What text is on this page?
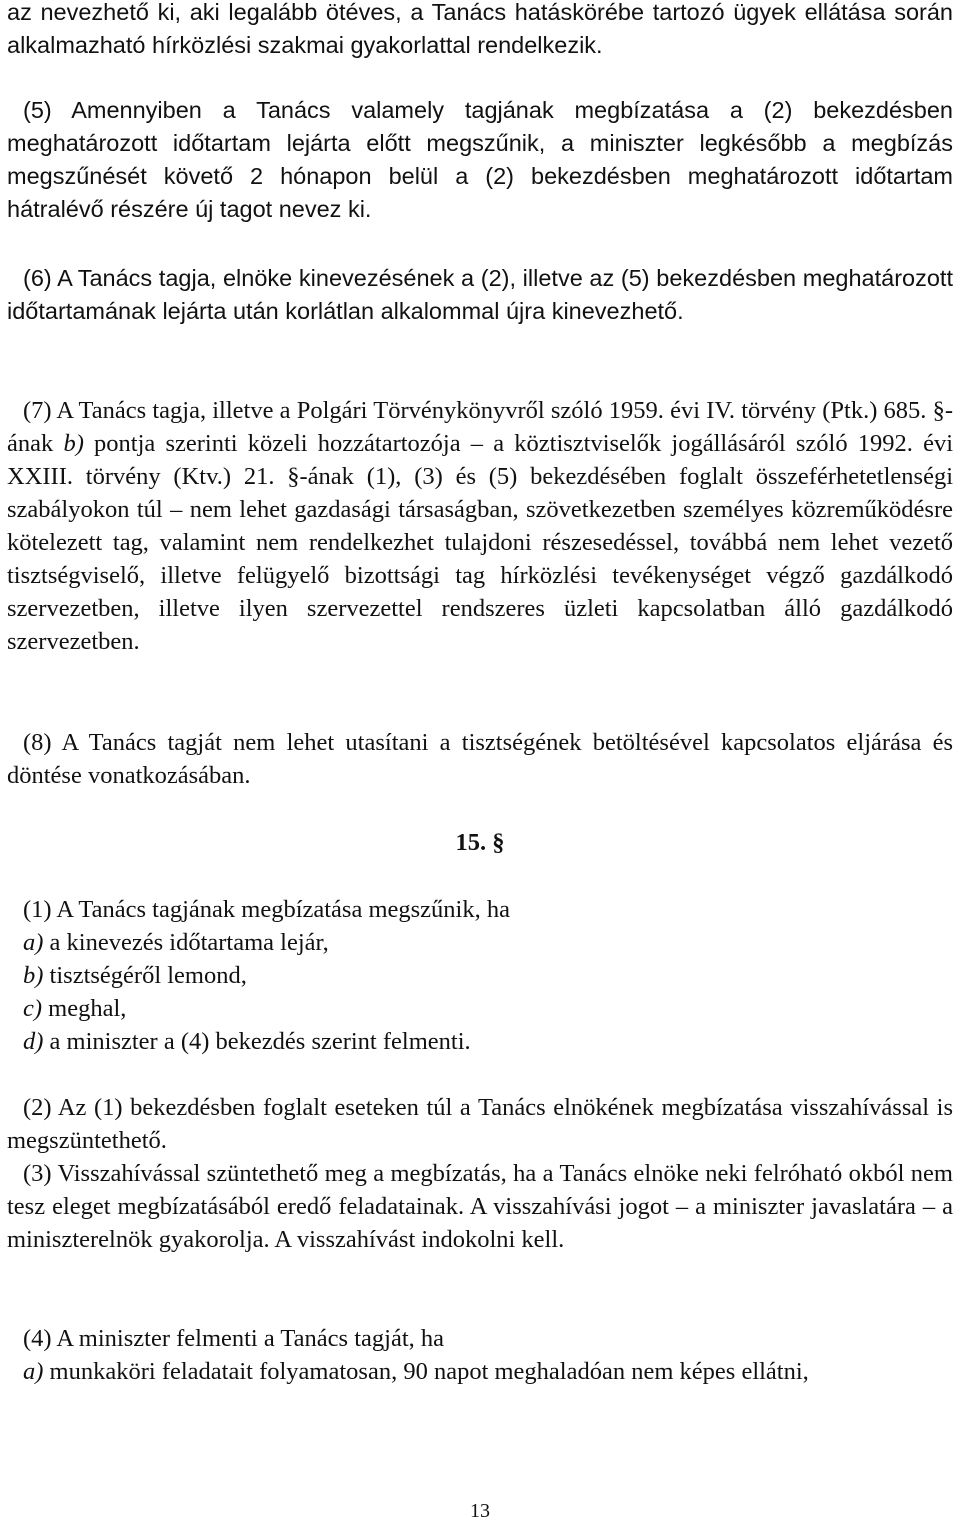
az nevezhető ki, aki legalább ötéves, a Tanács hatáskörébe tartozó ügyek ellátása során alkalmazható hírközlési szakmai gyakorlattal rendelkezik.

(5) Amennyiben a Tanács valamely tagjának megbízatása a (2) bekezdésben meghatározott időtartam lejárta előtt megszűnik, a miniszter legkésőbb a megbízás megszűnését követő 2 hónapon belül a (2) bekezdésben meghatározott időtartam hátralévő részére új tagot nevez ki.

(6) A Tanács tagja, elnöke kinevezésének a (2), illetve az (5) bekezdésben meghatározott időtartamának lejárta után korlátlan alkalommal újra kinevezhető.

(7) A Tanács tagja, illetve a Polgári Törvénykönyvről szóló 1959. évi IV. törvény (Ptk.) 685. §-ának b) pontja szerinti közeli hozzátartozója – a köztisztviselők jogállásáról szóló 1992. évi XXIII. törvény (Ktv.) 21. §-ának (1), (3) és (5) bekezdésében foglalt összeférhetetlenségi szabályokon túl – nem lehet gazdasági társaságban, szövetkezetben személyes közreműködésre kötelezett tag, valamint nem rendelkezhet tulajdoni részesedéssel, továbbá nem lehet vezető tisztségviselő, illetve felügyelő bizottsági tag hírközlési tevékenységet végző gazdálkodó szervezetben, illetve ilyen szervezettel rendszeres üzleti kapcsolatban álló gazdálkodó szervezetben.

(8) A Tanács tagját nem lehet utasítani a tisztségének betöltésével kapcsolatos eljárása és döntése vonatkozásában.

15. §

(1) A Tanács tagjának megbízatása megszűnik, ha

a) a kinevezés időtartama lejár,

b) tisztségéről lemond,

c) meghal,

d) a miniszter a (4) bekezdés szerint felmenti.

(2) Az (1) bekezdésben foglalt eseteken túl a Tanács elnökének megbízatása visszahívással is megszüntethető.

(3) Visszahívással szüntethető meg a megbízatás, ha a Tanács elnöke neki felróható okból nem tesz eleget megbízatásából eredő feladatainak. A visszahívási jogot – a miniszter javaslatára – a miniszterelnök gyakorolja. A visszahívást indokolni kell.

(4) A miniszter felmenti a Tanács tagját, ha

a) munkaköri feladatait folyamatosan, 90 napot meghaladóan nem képes ellátni,

13
